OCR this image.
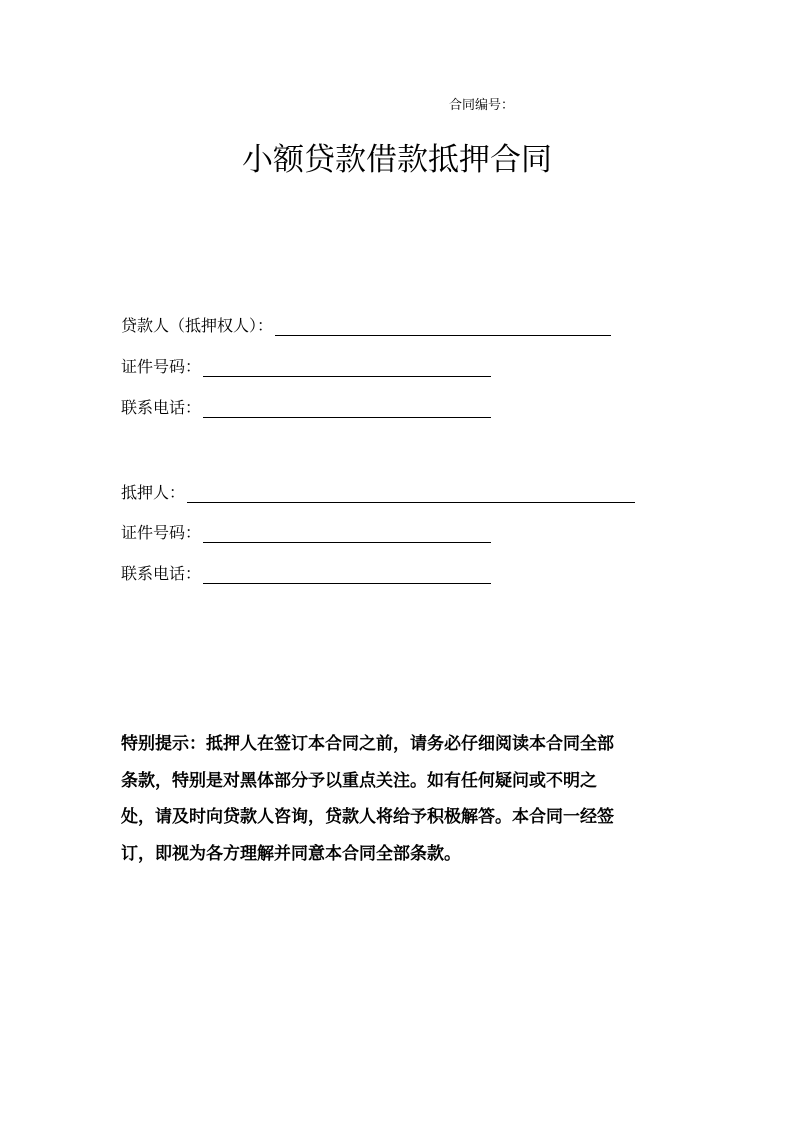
合同编号：
小额贷款借款抵押合同
贷款人（抵押权人）：
证件号码：
联系电话：
抵押人：
证件号码：
联系电话：
特别提示：抵押人在签订本合同之前，请务必仔细阅读本合同全部
条款，特别是对黑体部分予以重点关注。如有任何疑问或不明之
处，请及时向贷款人咨询，贷款人将给予积极解答。本合同一经签
订，即视为各方理解并同意本合同全部条款。
